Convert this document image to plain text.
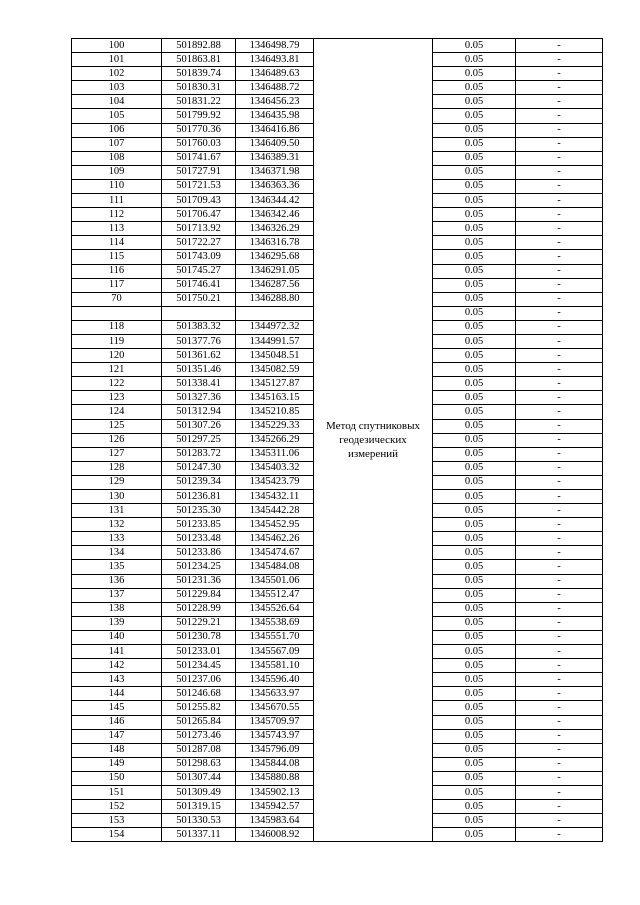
100	501892.88	1346498.79	Метод спутниковых геодезических измерений	0.05	-
101	501863.81	1346493.81		0.05	-
102	501839.74	1346489.63		0.05	-
103	501830.31	1346488.72		0.05	-
104	501831.22	1346456.23		0.05	-
105	501799.92	1346435.98		0.05	-
106	501770.36	1346416.86		0.05	-
107	501760.03	1346409.50		0.05	-
108	501741.67	1346389.31		0.05	-
109	501727.91	1346371.98		0.05	-
110	501721.53	1346363.36		0.05	-
111	501709.43	1346344.42		0.05	-
112	501706.47	1346342.46		0.05	-
113	501713.92	1346326.29		0.05	-
114	501722.27	1346316.78		0.05	-
115	501743.09	1346295.68		0.05	-
116	501745.27	1346291.05		0.05	-
117	501746.41	1346287.56		0.05	-
70	501750.21	1346288.80		0.05	-
				0.05	-
118	501383.32	1344972.32		0.05	-
119	501377.76	1344991.57		0.05	-
120	501361.62	1345048.51		0.05	-
121	501351.46	1345082.59		0.05	-
122	501338.41	1345127.87		0.05	-
123	501327.36	1345163.15		0.05	-
124	501312.94	1345210.85		0.05	-
125	501307.26	1345229.33		0.05	-
126	501297.25	1345266.29		0.05	-
127	501283.72	1345311.06		0.05	-
128	501247.30	1345403.32		0.05	-
129	501239.34	1345423.79		0.05	-
130	501236.81	1345432.11		0.05	-
131	501235.30	1345442.28		0.05	-
132	501233.85	1345452.95		0.05	-
133	501233.48	1345462.26		0.05	-
134	501233.86	1345474.67		0.05	-
135	501234.25	1345484.08		0.05	-
136	501231.36	1345501.06		0.05	-
137	501229.84	1345512.47		0.05	-
138	501228.99	1345526.64		0.05	-
139	501229.21	1345538.69		0.05	-
140	501230.78	1345551.70		0.05	-
141	501233.01	1345567.09		0.05	-
142	501234.45	1345581.10		0.05	-
143	501237.06	1345596.40		0.05	-
144	501246.68	1345633.97		0.05	-
145	501255.82	1345670.55		0.05	-
146	501265.84	1345709.97		0.05	-
147	501273.46	1345743.97		0.05	-
148	501287.08	1345796.09		0.05	-
149	501298.63	1345844.08		0.05	-
150	501307.44	1345880.88		0.05	-
151	501309.49	1345902.13		0.05	-
152	501319.15	1345942.57		0.05	-
153	501330.53	1345983.64		0.05	-
154	501337.11	1346008.92		0.05	-
